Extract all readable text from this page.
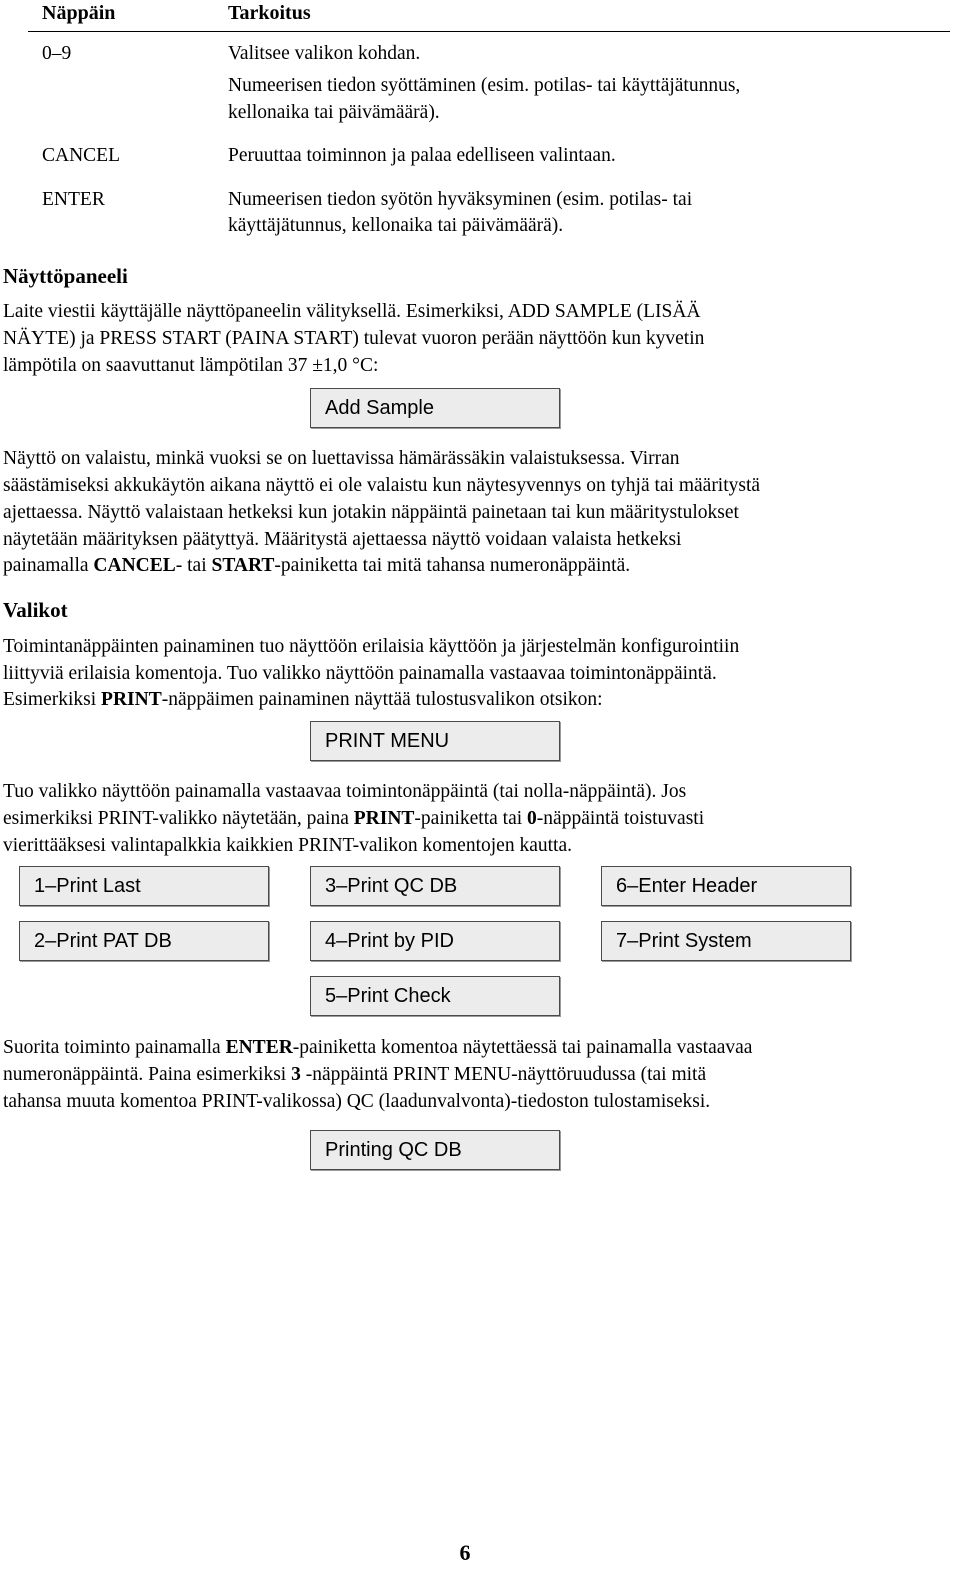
Näppäin	Tarkoitus
0–9	Valitsee valikon kohdan.
Numeerisen tiedon syöttäminen (esim. potilas- tai käyttäjätunnus,
kellonaika tai päivämäärä).
CANCEL	Peruuttaa toiminnon ja palaa edelliseen valintaan.
ENTER	Numeerisen tiedon syötön hyväksyminen (esim. potilas- tai
käyttäjätunnus, kellonaika tai päivämäärä).
Näyttöpaneeli
Laite viestii käyttäjälle näyttöpaneelin välityksellä. Esimerkiksi, ADD SAMPLE (LISÄÄ
NÄYTE) ja PRESS START (PAINA START) tulevat vuoron perään näyttöön kun kyvetin
lämpötila on saavuttanut lämpötilan 37 ±1,0 °C:
Add Sample
Näyttö on valaistu, minkä vuoksi se on luettavissa hämärässäkin valaistuksessa. Virran
säästämiseksi akkukäytön aikana näyttö ei ole valaistu kun näytesyvennys on tyhjä tai määritystä
ajettaessa. Näyttö valaistaan hetkeksi kun jotakin näppäintä painetaan tai kun määritystulokset
näytetään määrityksen päätyttyä. Määritystä ajettaessa näyttö voidaan valaista hetkeksi
painamalla CANCEL- tai START-painiketta tai mitä tahansa numeronäppäintä.
Valikot
Toimintanäppäinten painaminen tuo näyttöön erilaisia käyttöön ja järjestelmän konfigurointiin
liittyviä erilaisia komentoja. Tuo valikko näyttöön painamalla vastaavaa toimintonäppäintä.
Esimerkiksi PRINT-näppäimen painaminen näyttää tulostusvalikon otsikon:
PRINT MENU
Tuo valikko näyttöön painamalla vastaavaa toimintonäppäintä (tai nolla-näppäintä). Jos
esimerkiksi PRINT-valikko näytetään, paina PRINT-painiketta tai 0-näppäintä toistuvasti
vierittääksesi valintapalkkia kaikkien PRINT-valikon komentojen kautta.
1–Print Last	3–Print QC DB	6–Enter Header
2–Print PAT DB	4–Print by PID	7–Print System
5–Print Check
Suorita toiminto painamalla ENTER-painiketta komentoa näytettäessä tai painamalla vastaavaa
numeronäppäintä. Paina esimerkiksi 3 -näppäintä PRINT MENU-näyttöruudussa (tai mitä
tahansa muuta komentoa PRINT-valikossa) QC (laadunvalvonta)-tiedoston tulostamiseksi.
Printing QC DB
6
